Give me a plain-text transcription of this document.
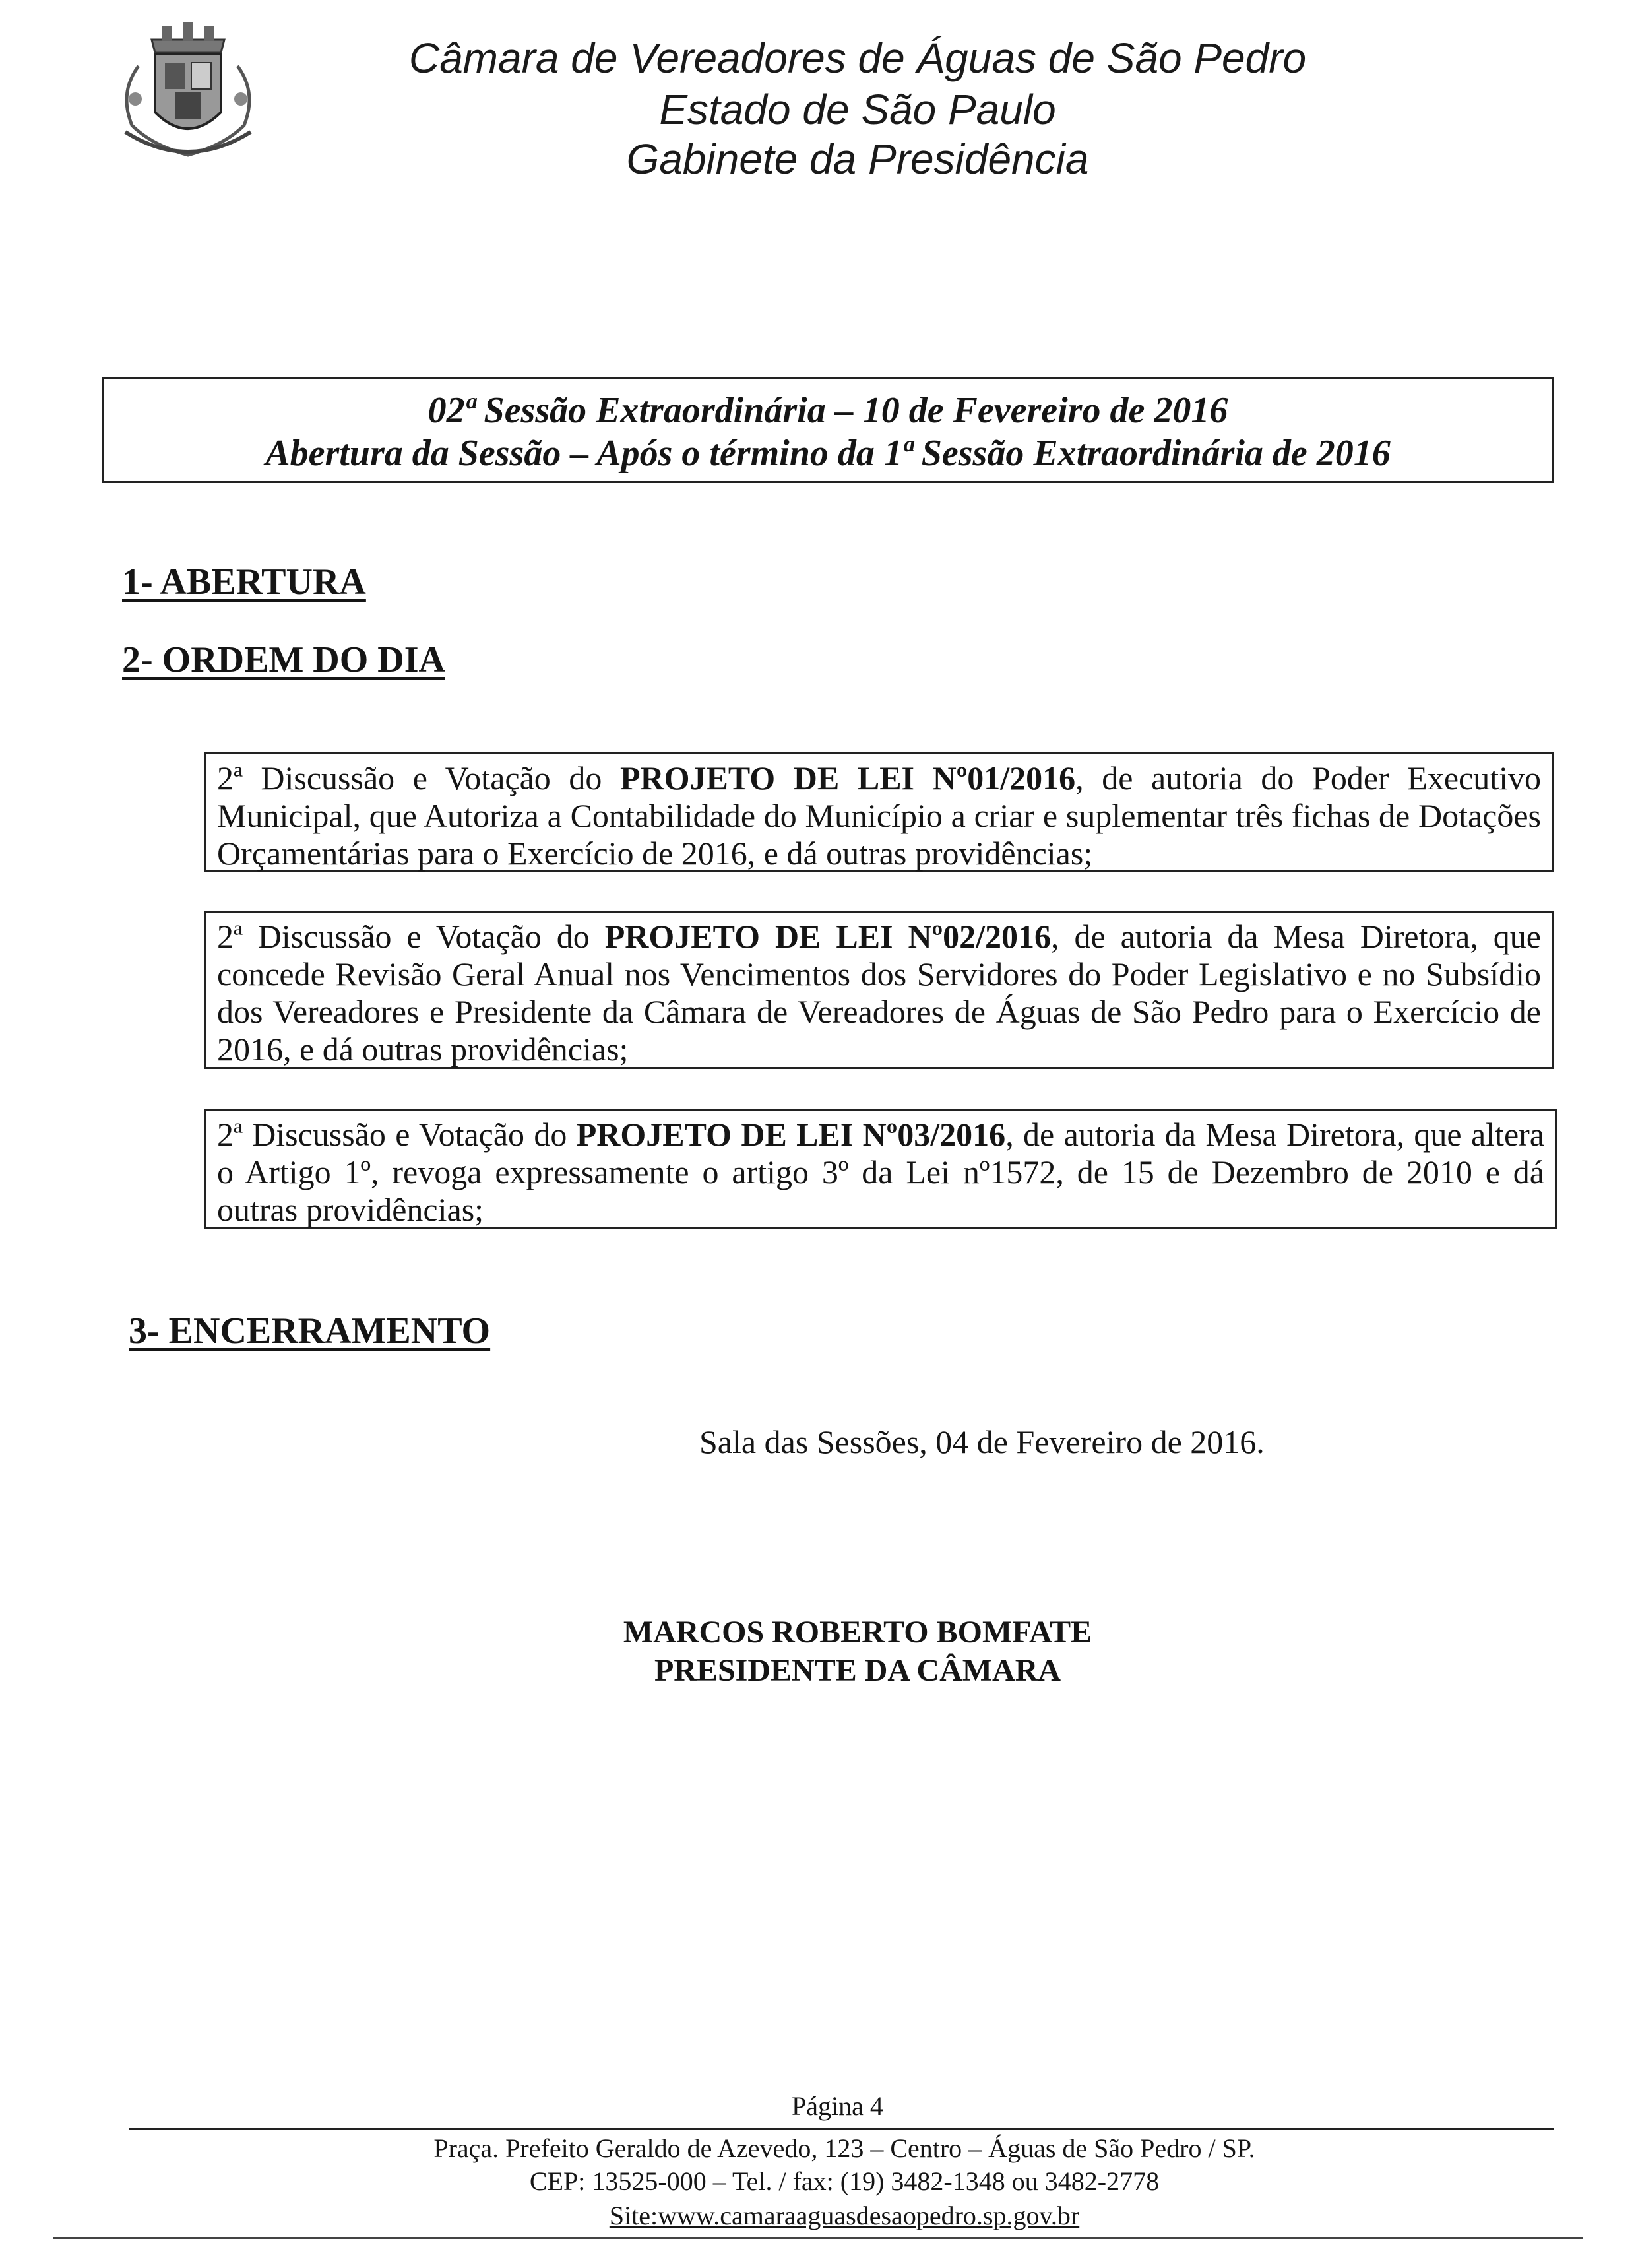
Câmara de Vereadores de Águas de São Pedro
Estado de São Paulo
Gabinete da Presidência
02ª Sessão Extraordinária – 10 de Fevereiro de 2016
Abertura da Sessão – Após o término da 1ª Sessão Extraordinária de 2016
1- ABERTURA
2- ORDEM DO DIA
2ª Discussão e Votação do PROJETO DE LEI Nº01/2016, de autoria do Poder Executivo Municipal, que Autoriza a Contabilidade do Município a criar e suplementar três fichas de Dotações Orçamentárias para o Exercício de 2016, e dá outras providências;
2ª Discussão e Votação do PROJETO DE LEI Nº02/2016, de autoria da Mesa Diretora, que concede Revisão Geral Anual nos Vencimentos dos Servidores do Poder Legislativo e no Subsídio dos Vereadores e Presidente da Câmara de Vereadores de Águas de São Pedro para o Exercício de 2016, e dá outras providências;
2ª Discussão e Votação do PROJETO DE LEI Nº03/2016, de autoria da Mesa Diretora, que altera o Artigo 1º, revoga expressamente o artigo 3º da Lei nº1572, de 15 de Dezembro de 2010 e dá outras providências;
3- ENCERRAMENTO
Sala das Sessões, 04 de Fevereiro de 2016.
MARCOS ROBERTO BOMFATE
PRESIDENTE DA CÂMARA
Página 4
Praça. Prefeito Geraldo de Azevedo, 123 – Centro – Águas de São Pedro / SP.
CEP: 13525-000 – Tel. / fax: (19) 3482-1348 ou 3482-2778
Site:www.camaraaguasdesaopedro.sp.gov.br
